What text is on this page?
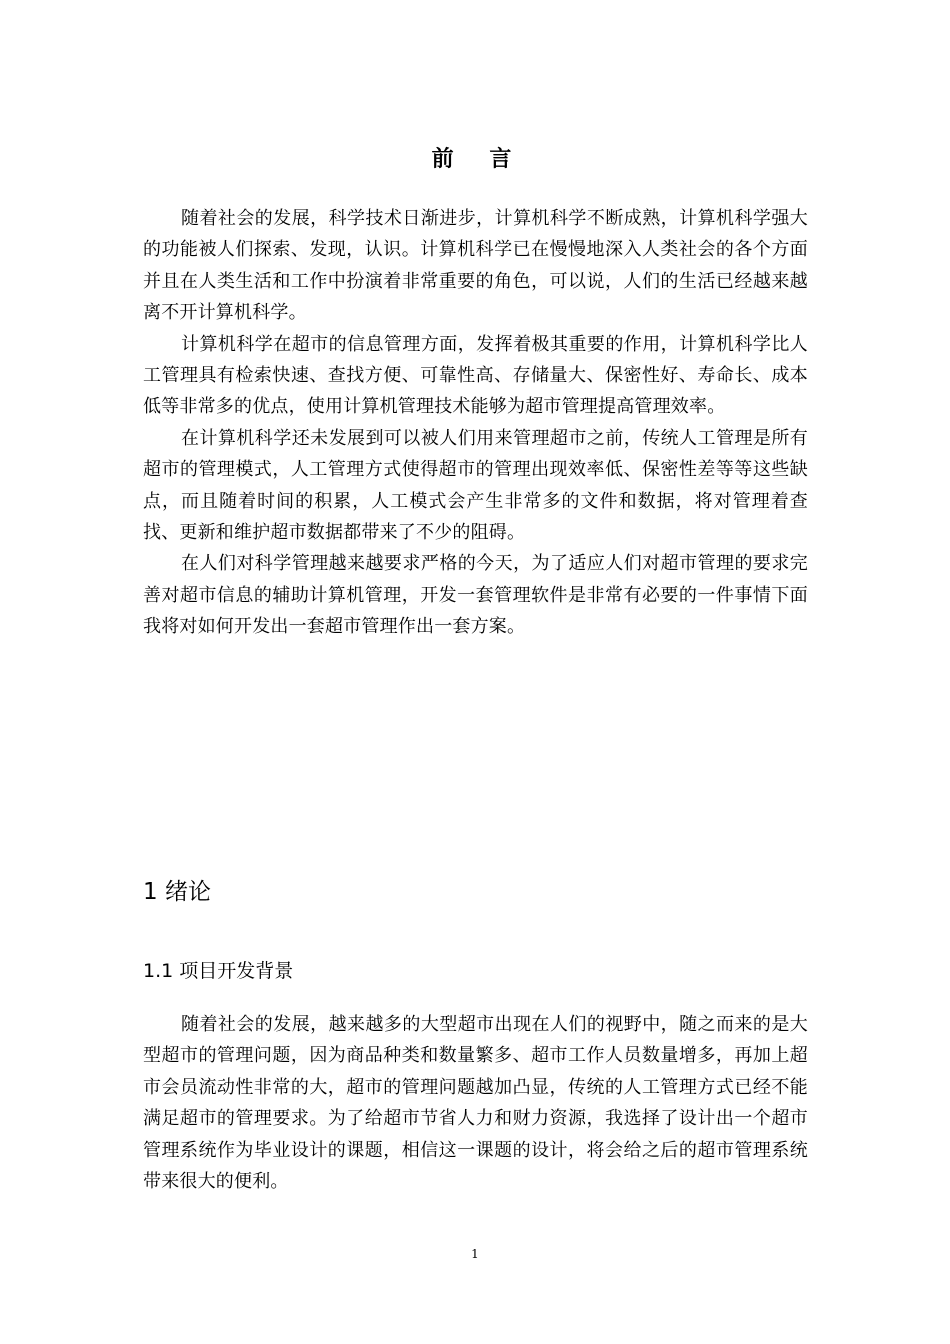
前 言

随着社会的发展，科学技术日渐进步，计算机科学不断成熟，计算机科学强大的功能被人们探索、发现，认识。计算机科学已在慢慢地深入人类社会的各个方面并且在人类生活和工作中扮演着非常重要的角色，可以说，人们的生活已经越来越离不开计算机科学。

计算机科学在超市的信息管理方面，发挥着极其重要的作用，计算机科学比人工管理具有检索快速、查找方便、可靠性高、存储量大、保密性好、寿命长、成本低等非常多的优点，使用计算机管理技术能够为超市管理提高管理效率。

在计算机科学还未发展到可以被人们用来管理超市之前，传统人工管理是所有超市的管理模式，人工管理方式使得超市的管理出现效率低、保密性差等等这些缺点，而且随着时间的积累，人工模式会产生非常多的文件和数据，将对管理着查找、更新和维护超市数据都带来了不少的阻碍。

在人们对科学管理越来越要求严格的今天，为了适应人们对超市管理的要求完善对超市信息的辅助计算机管理，开发一套管理软件是非常有必要的一件事情下面我将对如何开发出一套超市管理作出一套方案。

1 绪论
1.1 项目开发背景

随着社会的发展，越来越多的大型超市出现在人们的视野中，随之而来的是大型超市的管理问题，因为商品种类和数量繁多、超市工作人员数量增多，再加上超市会员流动性非常的大，超市的管理问题越加凸显，传统的人工管理方式已经不能满足超市的管理要求。为了给超市节省人力和财力资源，我选择了设计出一个超市管理系统作为毕业设计的课题，相信这一课题的设计，将会给之后的超市管理系统带来很大的便利。

1
